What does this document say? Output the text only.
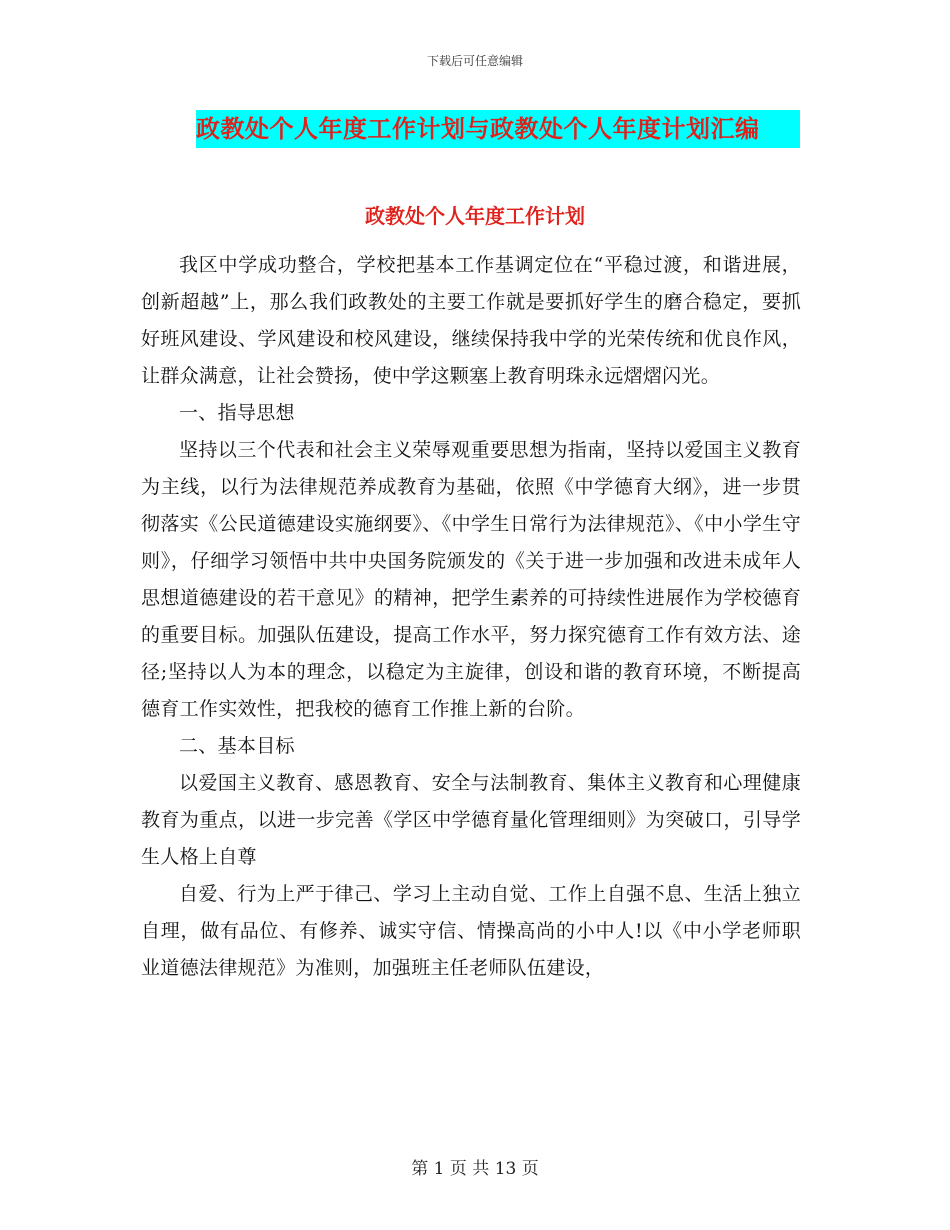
下载后可任意编辑
政教处个人年度工作计划与政教处个人年度计划汇编
政教处个人年度工作计划

我区中学成功整合，学校把基本工作基调定位在“平稳过渡，和谐进展，创新超越”上，那么我们政教处的主要工作就是要抓好学生的磨合稳定，要抓好班风建设、学风建设和校风建设，继续保持我中学的光荣传统和优良作风，让群众满意，让社会赞扬，使中学这颗塞上教育明珠永远熠熠闪光。

一、指导思想

坚持以三个代表和社会主义荣辱观重要思想为指南，坚持以爱国主义教育为主线，以行为法律规范养成教育为基础，依照《中学德育大纲》，进一步贯彻落实《公民道德建设实施纲要》、《中学生日常行为法律规范》、《中小学生守则》，仔细学习领悟中共中央国务院颁发的《关于进一步加强和改进未成年人思想道德建设的若干意见》的精神，把学生素养的可持续性进展作为学校德育的重要目标。加强队伍建设，提高工作水平，努力探究德育工作有效方法、途径;坚持以人为本的理念，以稳定为主旋律，创设和谐的教育环境，不断提高德育工作实效性，把我校的德育工作推上新的台阶。

二、基本目标

以爱国主义教育、感恩教育、安全与法制教育、集体主义教育和心理健康教育为重点，以进一步完善《学区中学德育量化管理细则》为突破口，引导学生人格上自尊

自爱、行为上严于律己、学习上主动自觉、工作上自强不息、生活上独立自理，做有品位、有修养、诚实守信、情操高尚的小中人!以《中小学老师职业道德法律规范》为准则，加强班主任老师队伍建设，

第 1 页 共 13 页
